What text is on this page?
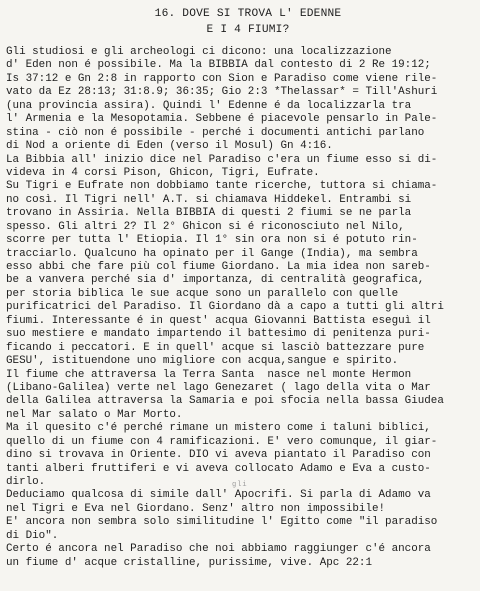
16. DOVE SI TROVA L' EDENNE
E I 4 FIUMI?
Gli studiosi e gli archeologi ci dicono: una localizzazione
d' Eden non é possibile. Ma la BIBBIA dal contesto di 2 Re 19:12;
Is 37:12 e Gn 2:8 in rapporto con Sion e Paradiso come viene rile-
vato da Ez 28:13; 31:8.9; 36:35; Gio 2:3 *Thelassar* = Till'Ashuri
(una provincia assira). Quindi l' Edenne é da localizzarla tra
l' Armenia e la Mesopotamia. Sebbene é piacevole pensarlo in Pale-
stina - ciò non é possibile - perché i documenti antichi parlano
di Nod a oriente di Eden (verso il Mosul) Gn 4:16.
La Bibbia all' inizio dice nel Paradiso c'era un fiume esso si di-
videva in 4 corsi Pison, Ghicon, Tigri, Eufrate.
Su Tigri e Eufrate non dobbiamo tante ricerche, tuttora si chiama-
no così. Il Tigri nell' A.T. si chiamava Hiddekel. Entrambi si
trovano in Assiria. Nella BIBBIA di questi 2 fiumi se ne parla
spesso. Gli altri 2? Il 2° Ghicon si é riconosciuto nel Nilo,
scorre per tutta l' Etiopia. Il 1° sin ora non si é potuto rin-
tracciarlo. Qualcuno ha opinato per il Gange (India), ma sembra
esso abbi che fare più col fiume Giordano. La mia idea non sareb-
be a vanvera perché sia d' importanza, di centralità geografica,
per storia biblica le sue acque sono un parallelo con quelle
purificatrici del Paradiso. Il Giordano dà a capo a tutti gli altri
fiumi. Interessante é in quest' acqua Giovanni Battista eseguì il
suo mestiere e mandato impartendo il battesimo di penitenza puri-
ficando i peccatori. E in quell' acque si lasciò battezzare pure
GESU', istituendone uno migliore con acqua,sangue e spirito.
Il fiume che attraversa la Terra Santa  nasce nel monte Hermon
(Libano-Galilea) verte nel lago Genezaret ( lago della vita o Mar
della Galilea attraversa la Samaria e poi sfocia nella bassa Giudea
nel Mar salato o Mar Morto.
Ma il quesito c'é perché rimane un mistero come i taluni biblici,
quello di un fiume con 4 ramificazioni. E' vero comunque, il giar-
dino si trovava in Oriente. DIO vi aveva piantato il Paradiso con
tanti alberi fruttiferi e vi aveva collocato Adamo e Eva a custo-
dirlo.
Deduciamo qualcosa di simile dall' Apocrifi. Si parla di Adamo va
nel Tigri e Eva nel Giordano. Senz' altro non impossibile!
E' ancora non sembra solo similitudine l' Egitto come "il paradiso
di Dio".
Certo é ancora nel Paradiso che noi abbiamo raggiunger c'é ancora
un fiume d' acque cristalline, purissime, vive. Apc 22:1
gli
